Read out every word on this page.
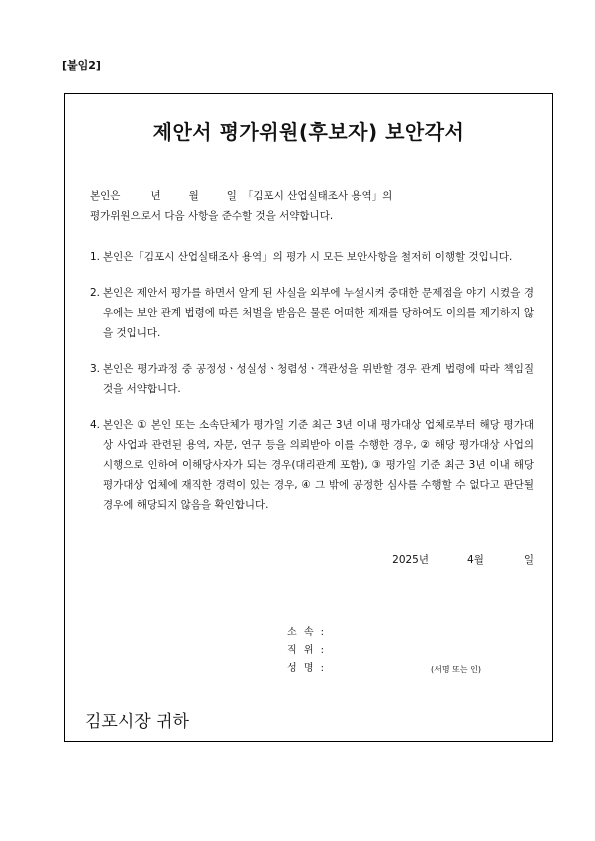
[붙임2]
제안서 평가위원(후보자) 보안각서
본인은	년	월	일 「김포시 산업실태조사 용역」의
평가위원으로서 다음 사항을 준수할 것을 서약합니다.
1. 본인은「김포시 산업실태조사 용역」의 평가 시 모든 보안사항을 철저히 이행할 것입니다.
2. 본인은 제안서 평가를 하면서 알게 된 사실을 외부에 누설시켜 중대한 문제점을 야기 시켰을 경우에는 보안 관계 법령에 따른 처벌을 받음은 물론 어떠한 제재를 당하여도 이의를 제기하지 않을 것입니다.
3. 본인은 평가과정 중 공정성ㆍ성실성ㆍ청렴성ㆍ객관성을 위반할 경우 관계 법령에 따라 책임질 것을 서약합니다.
4. 본인은 ① 본인 또는 소속단체가 평가일 기준 최근 3년 이내 평가대상 업체로부터 해당 평가대상 사업과 관련된 용역, 자문, 연구 등을 의뢰받아 이를 수행한 경우, ② 해당 평가대상 사업의 시행으로 인하여 이해당사자가 되는 경우(대리관계 포함), ③ 평가일 기준 최근 3년 이내 해당 평가대상 업체에 재직한 경력이 있는 경우, ④ 그 밖에 공정한 심사를 수행할 수 없다고 판단될 경우에 해당되지 않음을 확인합니다.
2025년	4월	일
소 속 :
직 위 :
성 명 :	(서명 또는 인)
김포시장 귀하
